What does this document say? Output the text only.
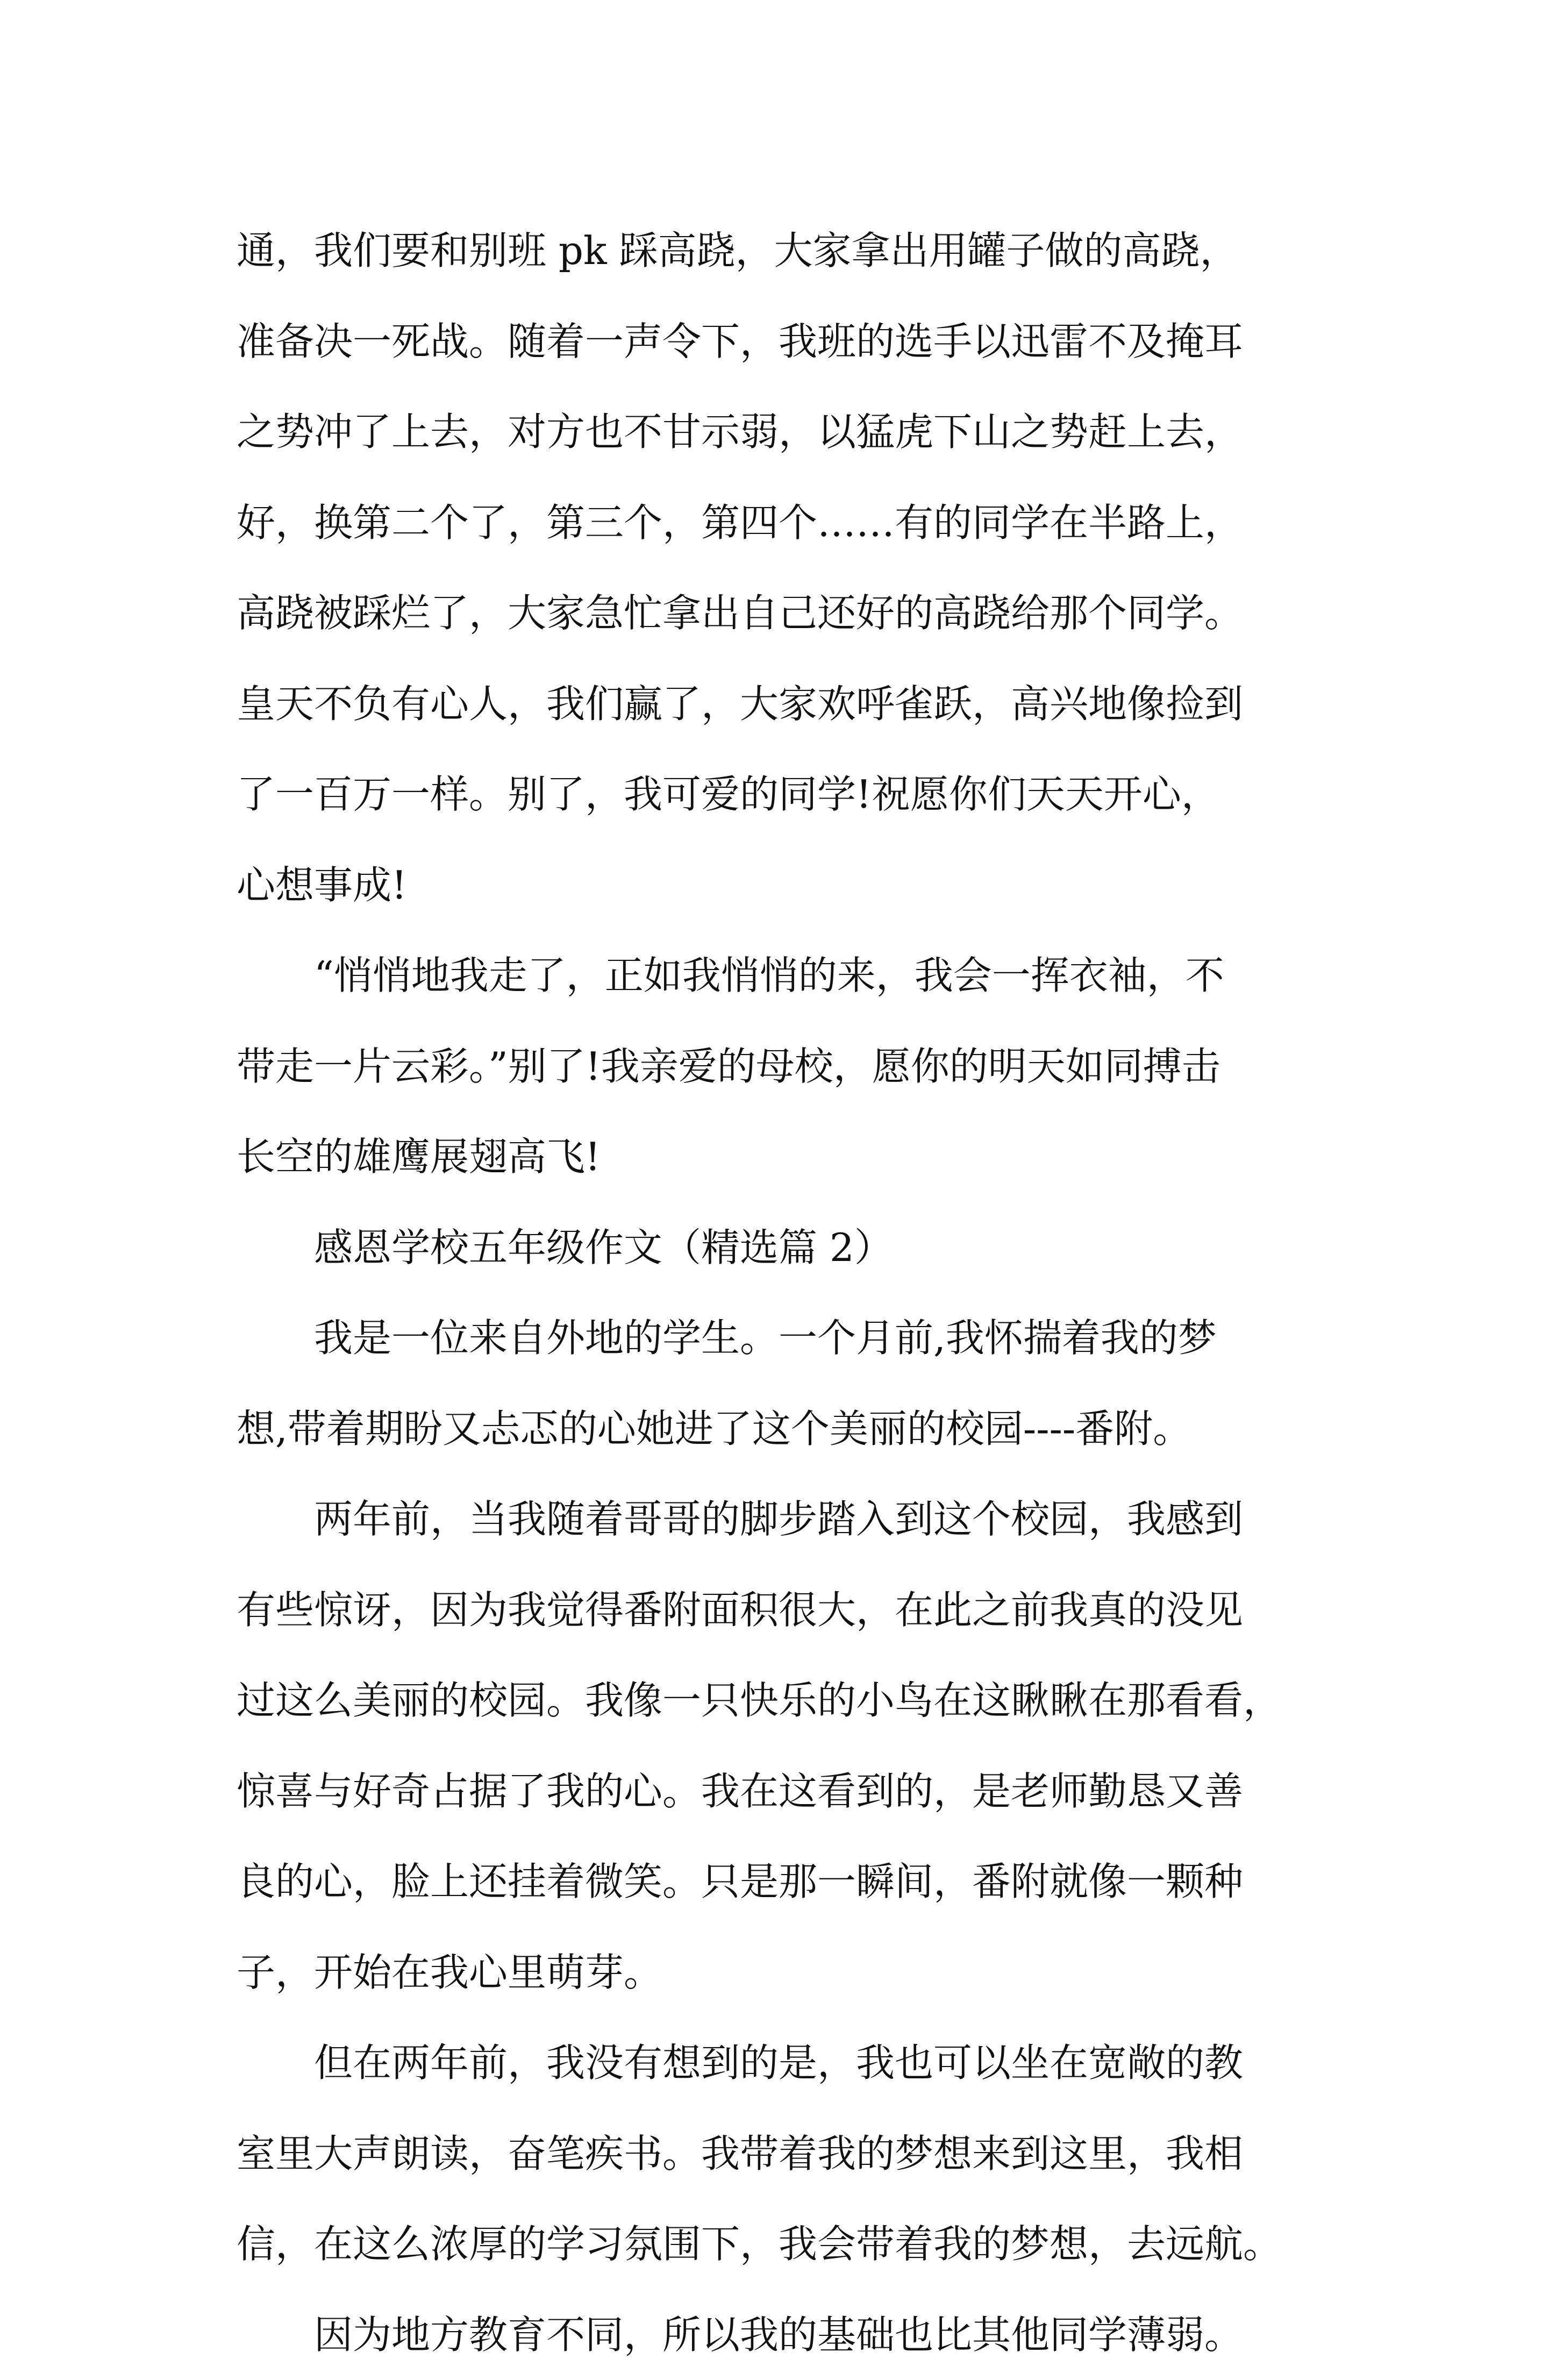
通，我们要和别班 pk 踩高跷，大家拿出用罐子做的高跷，
准备决一死战。随着一声令下，我班的选手以迅雷不及掩耳
之势冲了上去，对方也不甘示弱，以猛虎下山之势赶上去，
好，换第二个了，第三个，第四个……有的同学在半路上，
高跷被踩烂了，大家急忙拿出自己还好的高跷给那个同学。
皇天不负有心人，我们赢了，大家欢呼雀跃，高兴地像捡到
了一百万一样。别了，我可爱的同学!祝愿你们天天开心，
心想事成!
“悄悄地我走了，正如我悄悄的来，我会一挥衣袖，不
带走一片云彩。”别了!我亲爱的母校，愿你的明天如同搏击
长空的雄鹰展翅高飞!
感恩学校五年级作文（精选篇 2）
我是一位来自外地的学生。一个月前,我怀揣着我的梦
想,带着期盼又忐忑的心她进了这个美丽的校园----番附。
两年前，当我随着哥哥的脚步踏入到这个校园，我感到
有些惊讶，因为我觉得番附面积很大，在此之前我真的没见
过这么美丽的校园。我像一只快乐的小鸟在这瞅瞅在那看看，
惊喜与好奇占据了我的心。我在这看到的，是老师勤恳又善
良的心，脸上还挂着微笑。只是那一瞬间，番附就像一颗种
子，开始在我心里萌芽。
但在两年前，我没有想到的是，我也可以坐在宽敞的教
室里大声朗读，奋笔疾书。我带着我的梦想来到这里，我相
信，在这么浓厚的学习氛围下，我会带着我的梦想，去远航。
因为地方教育不同，所以我的基础也比其他同学薄弱。
